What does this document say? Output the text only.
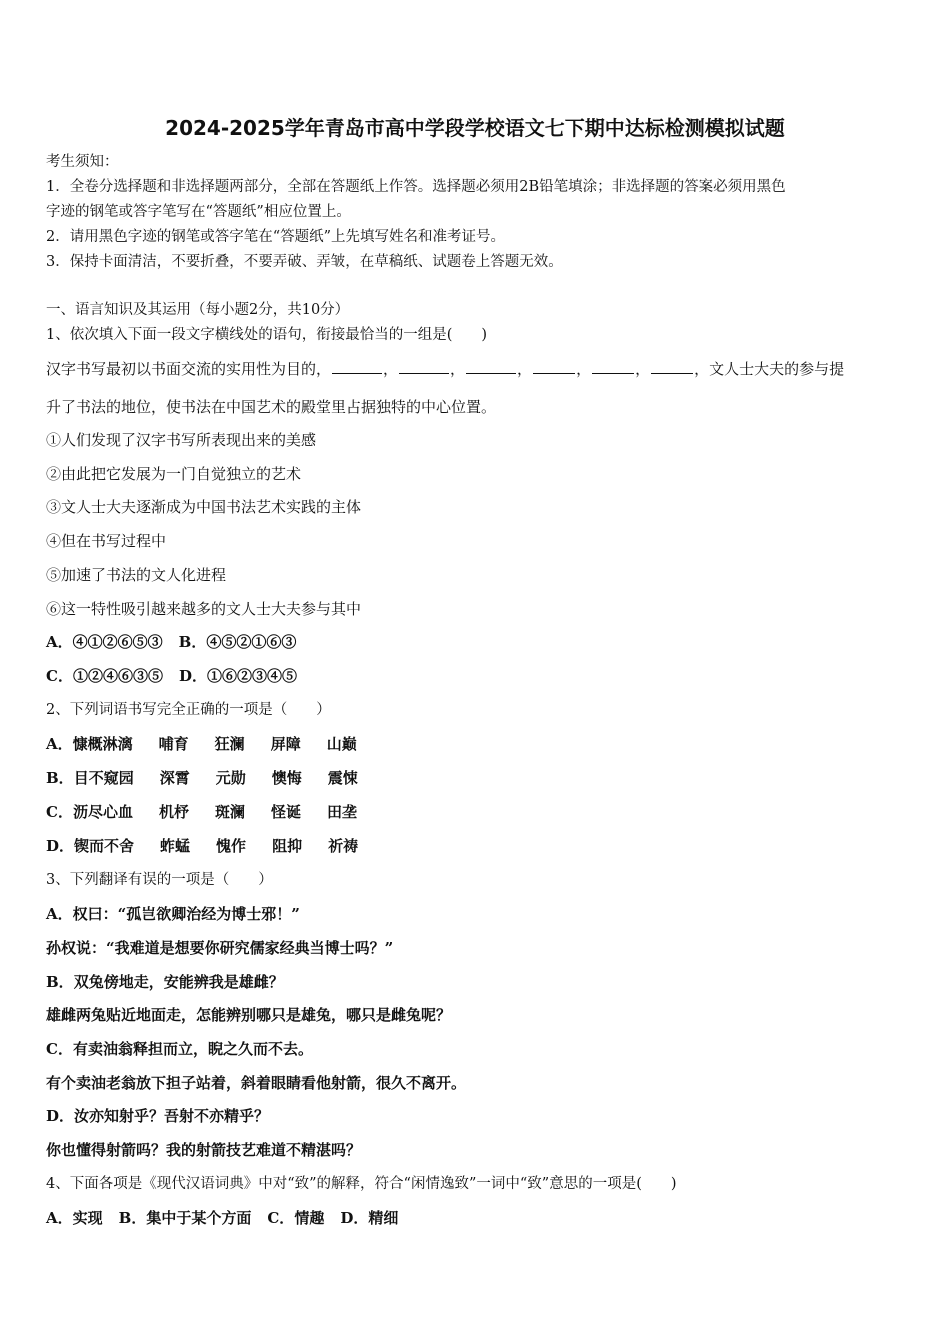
2024-2025学年青岛市高中学段学校语文七下期中达标检测模拟试题
考生须知：
1．全卷分选择题和非选择题两部分，全部在答题纸上作答。选择题必须用2B铅笔填涂；非选择题的答案必须用黑色
字迹的钢笔或答字笔写在“答题纸”相应位置上。
2．请用黑色字迹的钢笔或答字笔在“答题纸”上先填写姓名和准考证号。
3．保持卡面清洁，不要折叠，不要弄破、弄皱，在草稿纸、试题卷上答题无效。
一、语言知识及其运用（每小题2分，共10分）
1、依次填入下面一段文字横线处的语句，衔接最恰当的一组是(　　)
汉字书写最初以书面交流的实用性为目的，	，	，	，	，	，	，文人士大夫的参与提
升了书法的地位，使书法在中国艺术的殿堂里占据独特的中心位置。
①人们发现了汉字书写所表现出来的美感
②由此把它发展为一门自觉独立的艺术
③文人士大夫逐渐成为中国书法艺术实践的主体
④但在书写过程中
⑤加速了书法的文人化进程
⑥这一特性吸引越来越多的文人士大夫参与其中
A．④①②⑥⑤③ B．④⑤②①⑥③
C．①②④⑥③⑤ D．①⑥②③④⑤
2、下列词语书写完全正确的一项是（　　）
A．慷概淋漓 哺育 狂澜 屏障 山巅
B．目不窥园 深霄 元勋 懊悔 震悚
C．沥尽心血 机杼 斑澜 怪诞 田垄
D．锲而不舍 蚱蜢 愧作 阻抑 祈祷
3、下列翻译有误的一项是（　　）
A．权曰：“孤岂欲卿治经为博士邪！”
孙权说：“我难道是想要你研究儒家经典当博士吗？”
B．双兔傍地走，安能辨我是雄雌？
雄雌两兔贴近地面走，怎能辨别哪只是雄兔，哪只是雌兔呢？
C．有卖油翁释担而立，睨之久而不去。
有个卖油老翁放下担子站着，斜着眼睛看他射箭，很久不离开。
D．汝亦知射乎？吾射不亦精乎？
你也懂得射箭吗？我的射箭技艺难道不精湛吗？
4、下面各项是《现代汉语词典》中对“致”的解释，符合“闲情逸致”一词中“致”意思的一项是(　　)
A．实现 B．集中于某个方面 C．情趣 D．精细
